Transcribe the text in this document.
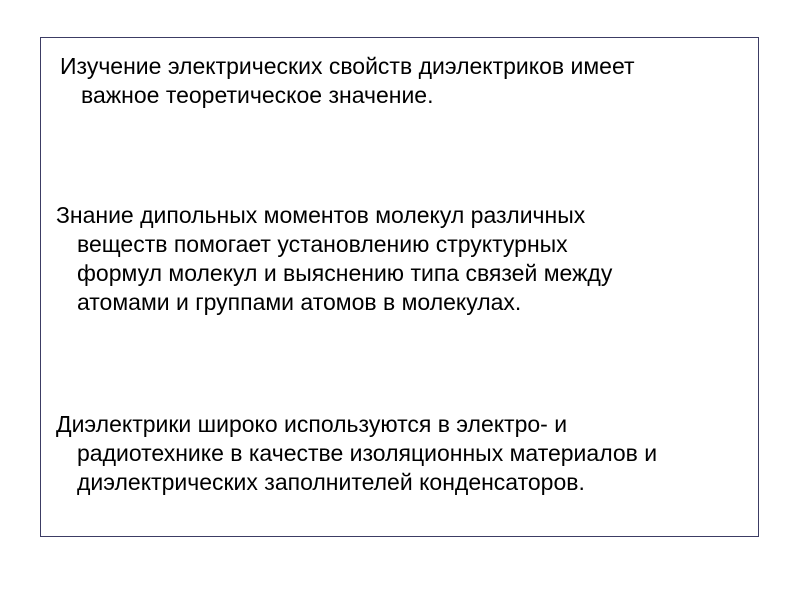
Изучение электрических свойств диэлектриков имеет
важное теоретическое значение.
Знание дипольных моментов молекул различных
веществ помогает установлению структурных
формул молекул и выяснению типа связей между
атомами и группами атомов в молекулах.
Диэлектрики широко используются в электро- и
радиотехнике в качестве изоляционных материалов и
диэлектрических заполнителей конденсаторов.
